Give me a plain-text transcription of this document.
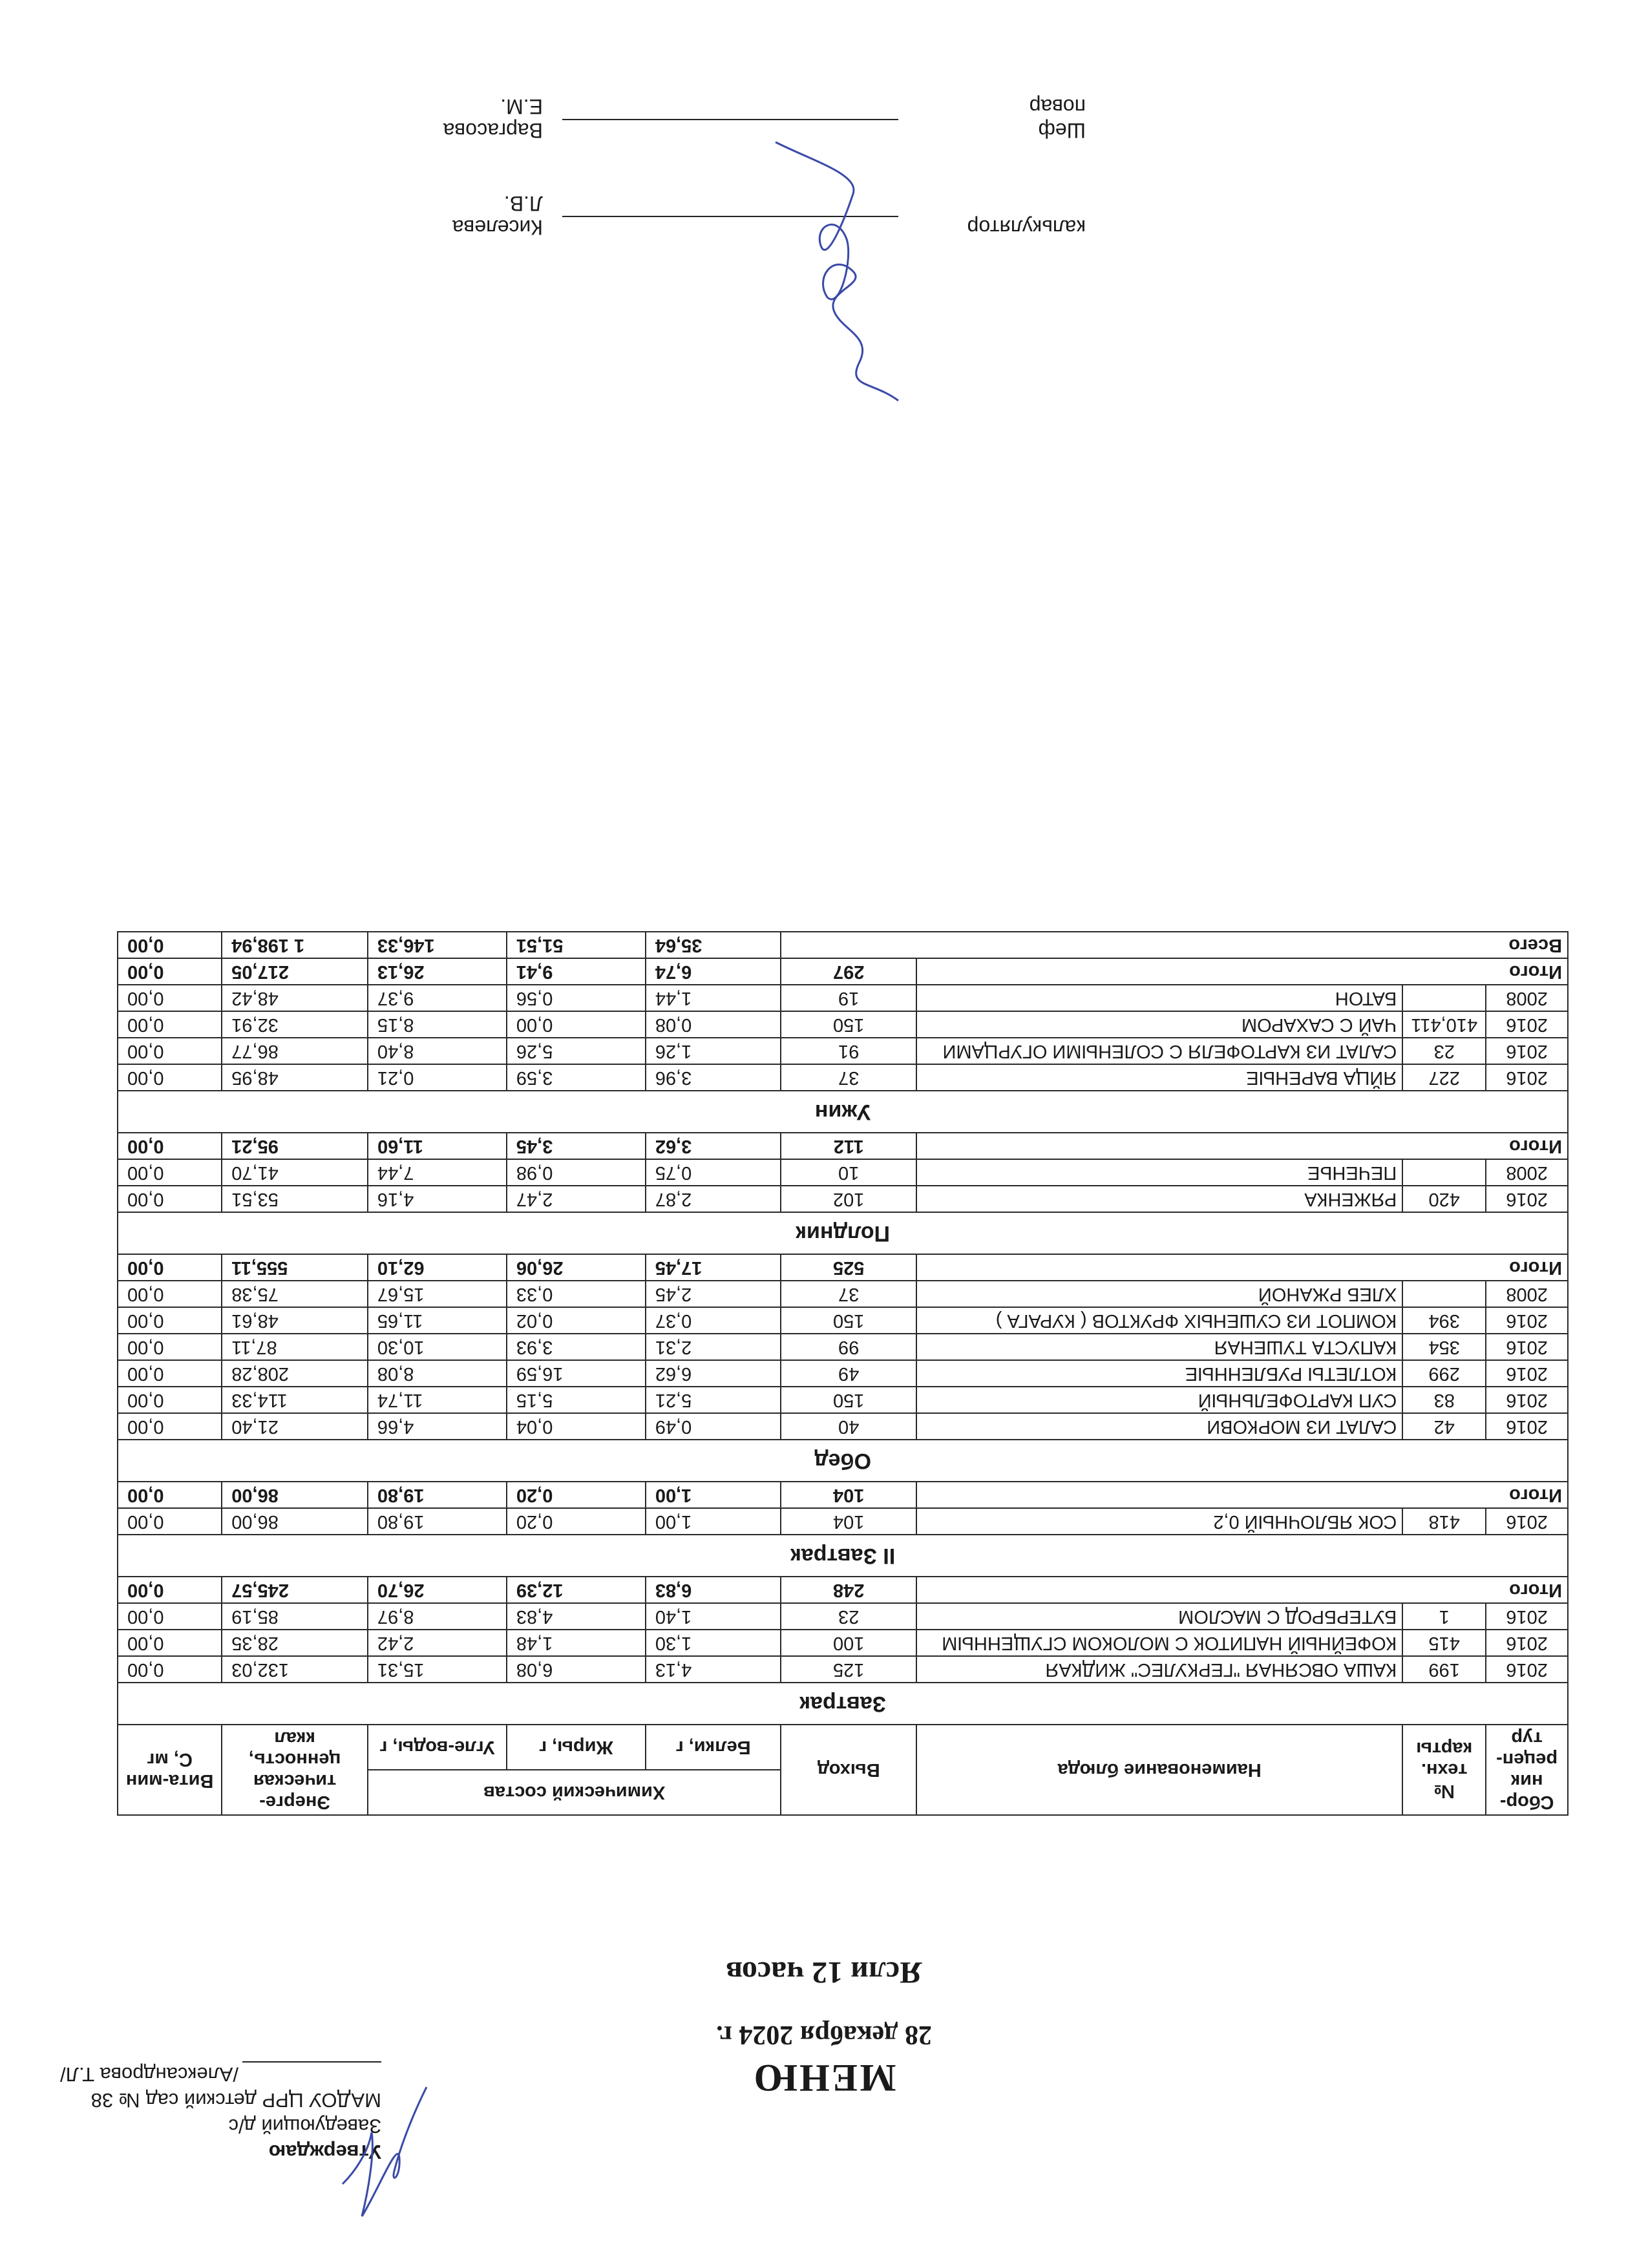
Утверждаю
Заведующий д/с
МАДОУ ЦРР детский сад № 38
/Александрова Т.Л/	МЕНЮ
28 декабря 2024 г.
Ясли 12 часов
Сбор-ник рецеп-тур	№ техн. карты	Наименование блюда	Выход	Химический состав			Энерге-тическая ценность, ккал	Вита-мин С, мг
				Белки, г	Жиры, г	Угле-воды, г		
Завтрак								
2016	199	КАША ОВСЯНАЯ "ГЕРКУЛЕС" ЖИДКАЯ	125	4,13	6,08	15,31	132,03	0,00
2016	415	КОФЕЙНЫЙ НАПИТОК С МОЛОКОМ СГУЩЕННЫМ	100	1,30	1,48	2,42	28,35	0,00
2016	1	БУТЕРБРОД С МАСЛОМ	23	1,40	4,83	8,97	85,19	0,00
Итого			248	6,83	12,39	26,70	245,57	0,00
II Завтрак								
2016	418	СОК ЯБЛОЧНЫЙ 0,2	104	1,00	0,20	19,80	86,00	0,00
Итого			104	1,00	0,20	19,80	86,00	0,00
Обед								
2016	42	САЛАТ ИЗ МОРКОВИ	40	0,49	0,04	4,66	21,40	0,00
2016	83	СУП КАРТОФЕЛЬНЫЙ	150	5,21	5,15	11,74	114,33	0,00
2016	299	КОТЛЕТЫ РУБЛЕННЫЕ	49	6,62	16,59	8,08	208,28	0,00
2016	354	КАПУСТА ТУШЕНАЯ	99	2,31	3,93	10,30	87,11	0,00
2016	394	КОМПОТ ИЗ СУШЕНЫХ ФРУКТОВ ( КУРАГА )	150	0,37	0,02	11,65	48,61	0,00
2008		ХЛЕБ РЖАНОЙ	37	2,45	0,33	15,67	75,38	0,00
Итого			525	17,45	26,06	62,10	555,11	0,00
Полдник								
2016	420	РЯЖЕНКА	102	2,87	2,47	4,16	53,51	0,00
2008		ПЕЧЕНЬЕ	10	0,75	0,98	7,44	41,70	0,00
Итого			112	3,62	3,45	11,60	95,21	0,00
Ужин								
2016	227	ЯЙЦА ВАРЕНЫЕ	37	3,96	3,59	0,21	48,95	0,00
2016	23	САЛАТ ИЗ КАРТОФЕЛЯ С СОЛЕНЫМИ ОГУРЦАМИ	91	1,26	5,26	8,40	86,77	0,00
2016	410,411	ЧАЙ С САХАРОМ	150	0,08	0,00	8,15	32,91	0,00
2008		БАТОН	19	1,44	0,56	9,37	48,42	0,00
Итого			297	6,74	9,41	26,13	217,05	0,00
Всего				35,64	51,51	146,33	1 198,94	0,00
калькулятор
Киселева Л.В.
Шеф повар
Варгасова Е.М.
